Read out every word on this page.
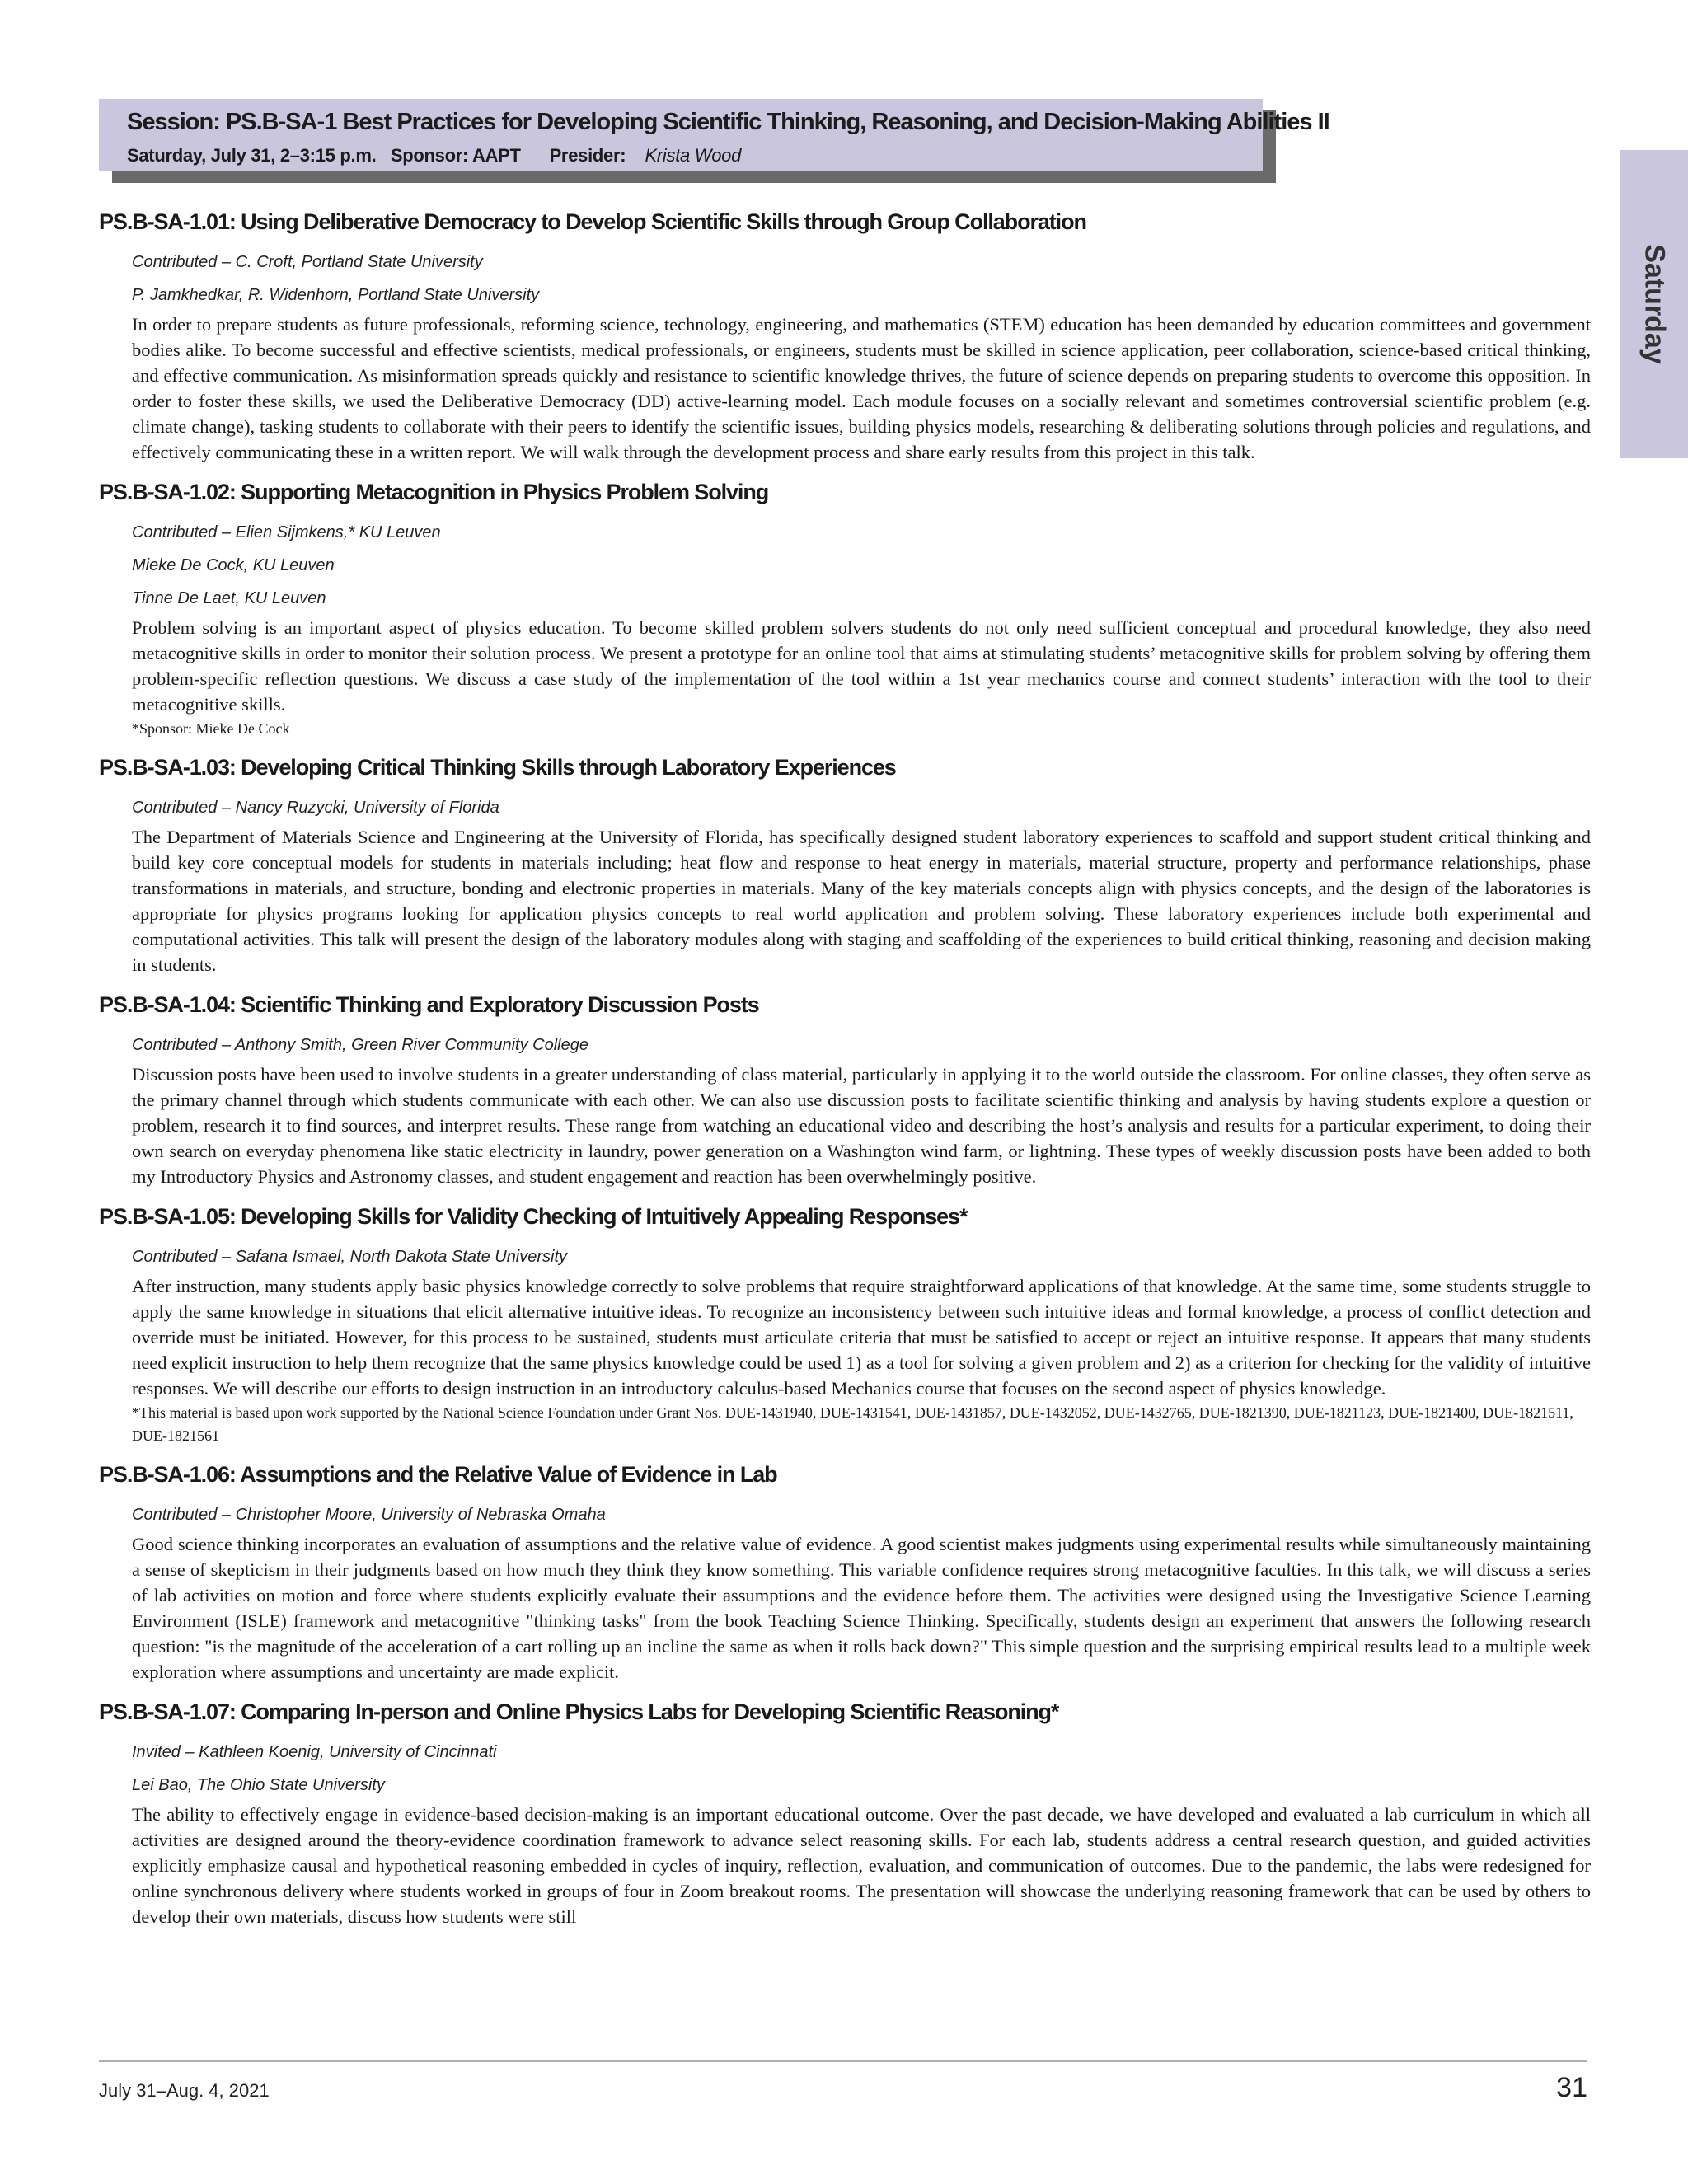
Session: PS.B-SA-1 Best Practices for Developing Scientific Thinking, Reasoning, and Decision-Making Abilities II
Saturday, July 31, 2–3:15 p.m. Sponsor: AAPT Presider: Krista Wood
Saturday
PS.B-SA-1.01: Using Deliberative Democracy to Develop Scientific Skills through Group Collaboration
Contributed – C. Croft, Portland State University
P. Jamkhedkar, R. Widenhorn, Portland State University
In order to prepare students as future professionals, reforming science, technology, engineering, and mathematics (STEM) education has been demanded by education committees and government bodies alike. To become successful and effective scientists, medical professionals, or engineers, students must be skilled in science application, peer collaboration, science-based critical thinking, and effective communication. As misinformation spreads quickly and resistance to scientific knowledge thrives, the future of science depends on preparing students to overcome this opposition. In order to foster these skills, we used the Deliberative Democracy (DD) active-learning model. Each module focuses on a socially relevant and sometimes controversial scientific problem (e.g. climate change), tasking students to collaborate with their peers to identify the scientific issues, building physics models, researching & deliberating solutions through policies and regulations, and effectively communicating these in a written report. We will walk through the development process and share early results from this project in this talk.
PS.B-SA-1.02: Supporting Metacognition in Physics Problem Solving
Contributed – Elien Sijmkens,* KU Leuven
Mieke De Cock, KU Leuven
Tinne De Laet, KU Leuven
Problem solving is an important aspect of physics education. To become skilled problem solvers students do not only need sufficient conceptual and procedural knowledge, they also need metacognitive skills in order to monitor their solution process. We present a prototype for an online tool that aims at stimulating students’ metacognitive skills for problem solving by offering them problem-specific reflection questions. We discuss a case study of the implementation of the tool within a 1st year mechanics course and connect students’ interaction with the tool to their metacognitive skills.
*Sponsor: Mieke De Cock
PS.B-SA-1.03: Developing Critical Thinking Skills through Laboratory Experiences
Contributed – Nancy Ruzycki, University of Florida
The Department of Materials Science and Engineering at the University of Florida, has specifically designed student laboratory experiences to scaffold and support student critical thinking and build key core conceptual models for students in materials including; heat flow and response to heat energy in materials, material structure, property and performance relationships, phase transformations in materials, and structure, bonding and electronic properties in materials. Many of the key materials concepts align with physics concepts, and the design of the laboratories is appropriate for physics programs looking for application physics concepts to real world application and problem solving. These laboratory experiences include both experimental and computational activities. This talk will present the design of the laboratory modules along with staging and scaffolding of the experiences to build critical thinking, reasoning and decision making in students.
PS.B-SA-1.04: Scientific Thinking and Exploratory Discussion Posts
Contributed – Anthony Smith, Green River Community College
Discussion posts have been used to involve students in a greater understanding of class material, particularly in applying it to the world outside the classroom. For online classes, they often serve as the primary channel through which students communicate with each other. We can also use discussion posts to facilitate scientific thinking and analysis by having students explore a question or problem, research it to find sources, and interpret results. These range from watching an educational video and describing the host’s analysis and results for a particular experiment, to doing their own search on everyday phenomena like static electricity in laundry, power generation on a Washington wind farm, or lightning. These types of weekly discussion posts have been added to both my Introductory Physics and Astronomy classes, and student engagement and reaction has been overwhelmingly positive.
PS.B-SA-1.05: Developing Skills for Validity Checking of Intuitively Appealing Responses*
Contributed – Safana Ismael, North Dakota State University
After instruction, many students apply basic physics knowledge correctly to solve problems that require straightforward applications of that knowledge. At the same time, some students struggle to apply the same knowledge in situations that elicit alternative intuitive ideas. To recognize an inconsistency between such intuitive ideas and formal knowledge, a process of conflict detection and override must be initiated. However, for this process to be sustained, students must articulate criteria that must be satisfied to accept or reject an intuitive response. It appears that many students need explicit instruction to help them recognize that the same physics knowledge could be used 1) as a tool for solving a given problem and 2) as a criterion for checking for the validity of intuitive responses. We will describe our efforts to design instruction in an introductory calculus-based Mechanics course that focuses on the second aspect of physics knowledge.
*This material is based upon work supported by the National Science Foundation under Grant Nos. DUE-1431940, DUE-1431541, DUE-1431857, DUE-1432052, DUE-1432765, DUE-1821390, DUE-1821123, DUE-1821400, DUE-1821511, DUE-1821561
PS.B-SA-1.06: Assumptions and the Relative Value of Evidence in Lab
Contributed – Christopher Moore, University of Nebraska Omaha
Good science thinking incorporates an evaluation of assumptions and the relative value of evidence. A good scientist makes judgments using experimental results while simultaneously maintaining a sense of skepticism in their judgments based on how much they think they know something. This variable confidence requires strong metacognitive faculties. In this talk, we will discuss a series of lab activities on motion and force where students explicitly evaluate their assumptions and the evidence before them. The activities were designed using the Investigative Science Learning Environment (ISLE) framework and metacognitive "thinking tasks" from the book Teaching Science Thinking. Specifically, students design an experiment that answers the following research question: "is the magnitude of the acceleration of a cart rolling up an incline the same as when it rolls back down?" This simple question and the surprising empirical results lead to a multiple week exploration where assumptions and uncertainty are made explicit.
PS.B-SA-1.07: Comparing In-person and Online Physics Labs for Developing Scientific Reasoning*
Invited – Kathleen Koenig, University of Cincinnati
Lei Bao, The Ohio State University
The ability to effectively engage in evidence-based decision-making is an important educational outcome. Over the past decade, we have developed and evaluated a lab curriculum in which all activities are designed around the theory-evidence coordination framework to advance select reasoning skills. For each lab, students address a central research question, and guided activities explicitly emphasize causal and hypothetical reasoning embedded in cycles of inquiry, reflection, evaluation, and communication of outcomes. Due to the pandemic, the labs were redesigned for online synchronous delivery where students worked in groups of four in Zoom breakout rooms. The presentation will showcase the underlying reasoning framework that can be used by others to develop their own materials, discuss how students were still
July 31–Aug. 4, 2021	31
